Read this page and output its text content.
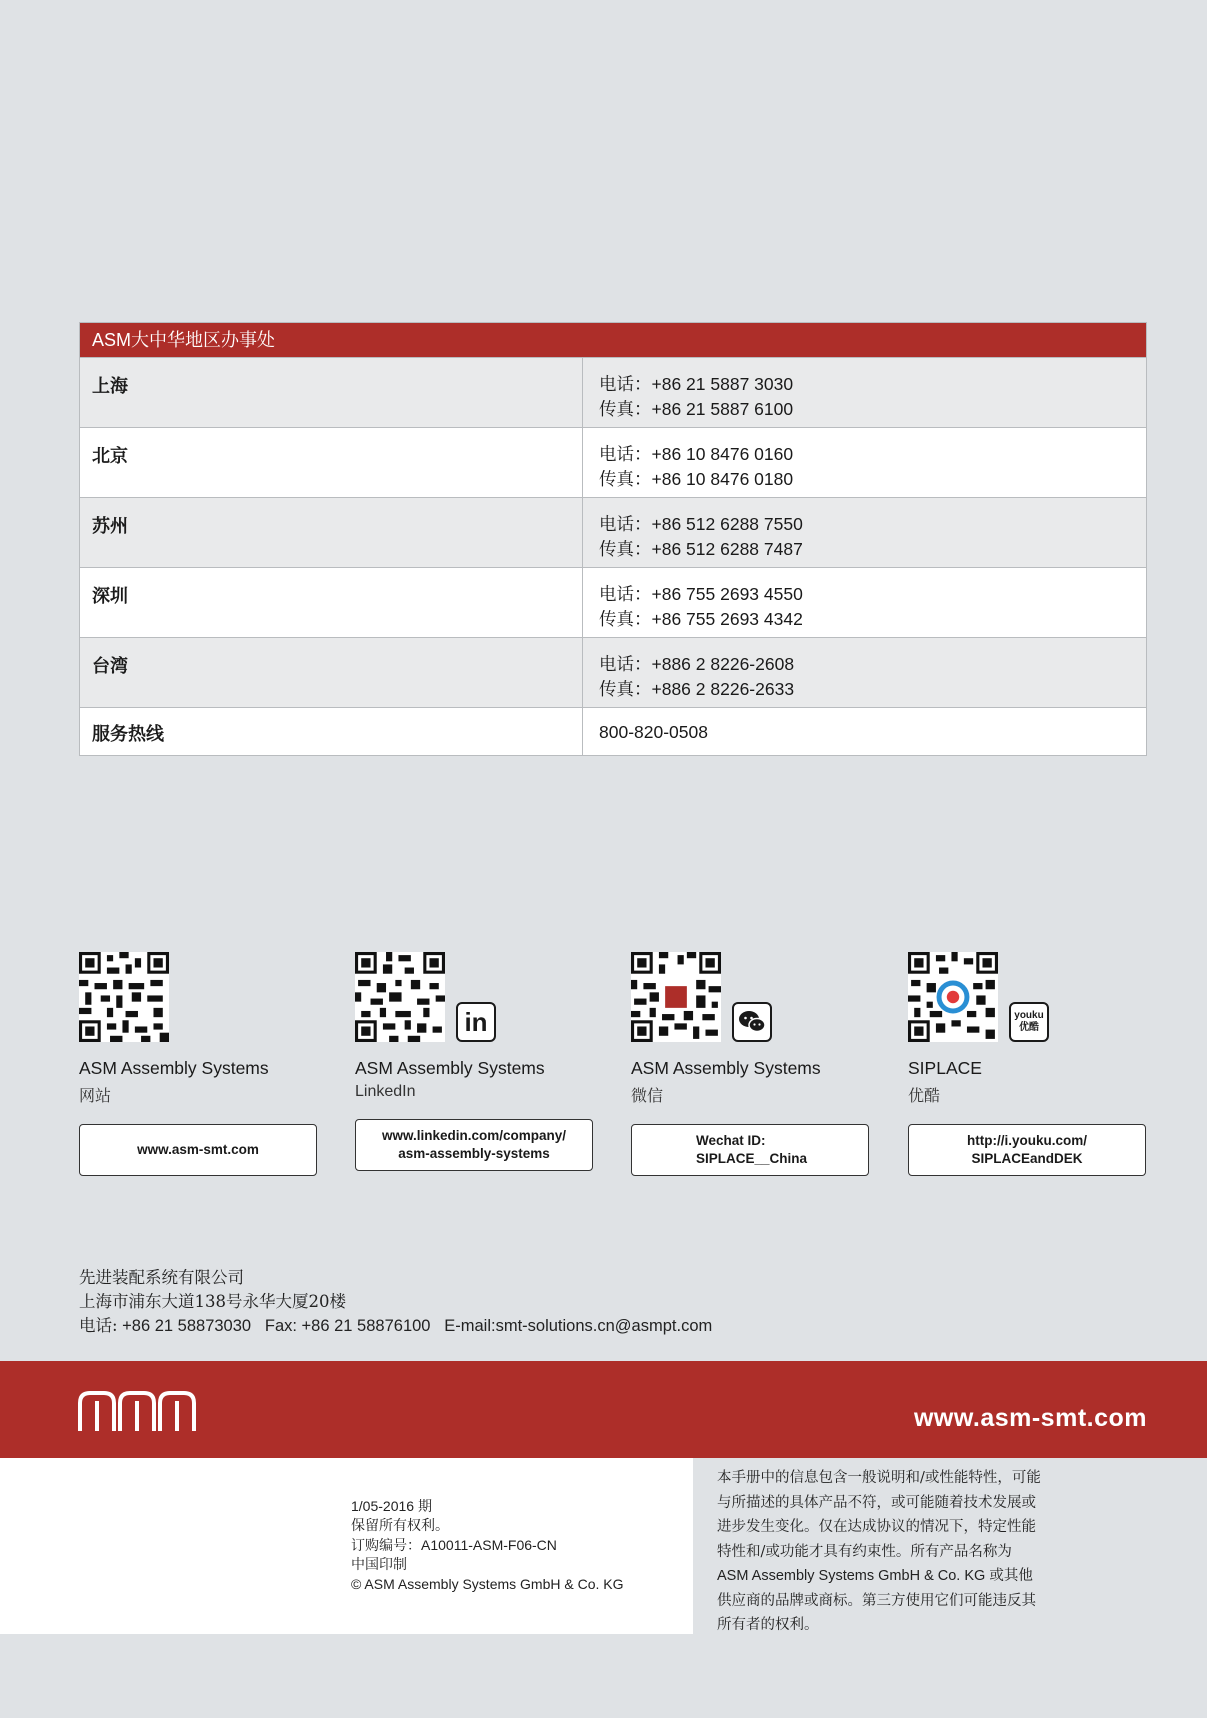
ASM大中华地区办事处
上海	电话：+86 21 5887 3030
传真：+86 21 5887 6100
北京	电话：+86 10 8476 0160
传真：+86 10 8476 0180
苏州	电话：+86 512 6288 7550
传真：+86 512 6288 7487
深圳	电话：+86 755 2693 4550
传真：+86 755 2693 4342
台湾	电话：+886 2 8226-2608
传真：+886 2 8226-2633
服务热线	800-820-0508
ASM Assembly Systems
网站
www.asm-smt.com
in
ASM Assembly Systems
LinkedIn
www.linkedin.com/company/
asm-assembly-systems
ASM Assembly Systems
微信
Wechat ID:
SIPLACE__China
youku
优酷
SIPLACE
优酷
http://i.youku.com/
SIPLACEandDEK
先进装配系统有限公司
上海市浦东大道138号永华大厦20楼
电话: +86 21 58873030 Fax: +86 21 58876100 E-mail:smt-solutions.cn@asmpt.com
www.asm-smt.com
1/05-2016 期
保留所有权利。
订购编号：A10011-ASM-F06-CN
中国印制
© ASM Assembly Systems GmbH & Co. KG
本手册中的信息包含一般说明和/或性能特性，可能
与所描述的具体产品不符，或可能随着技术发展或
进步发生变化。仅在达成协议的情况下，特定性能
特性和/或功能才具有约束性。所有产品名称为
ASM Assembly Systems GmbH & Co. KG 或其他
供应商的品牌或商标。第三方使用它们可能违反其
所有者的权利。
